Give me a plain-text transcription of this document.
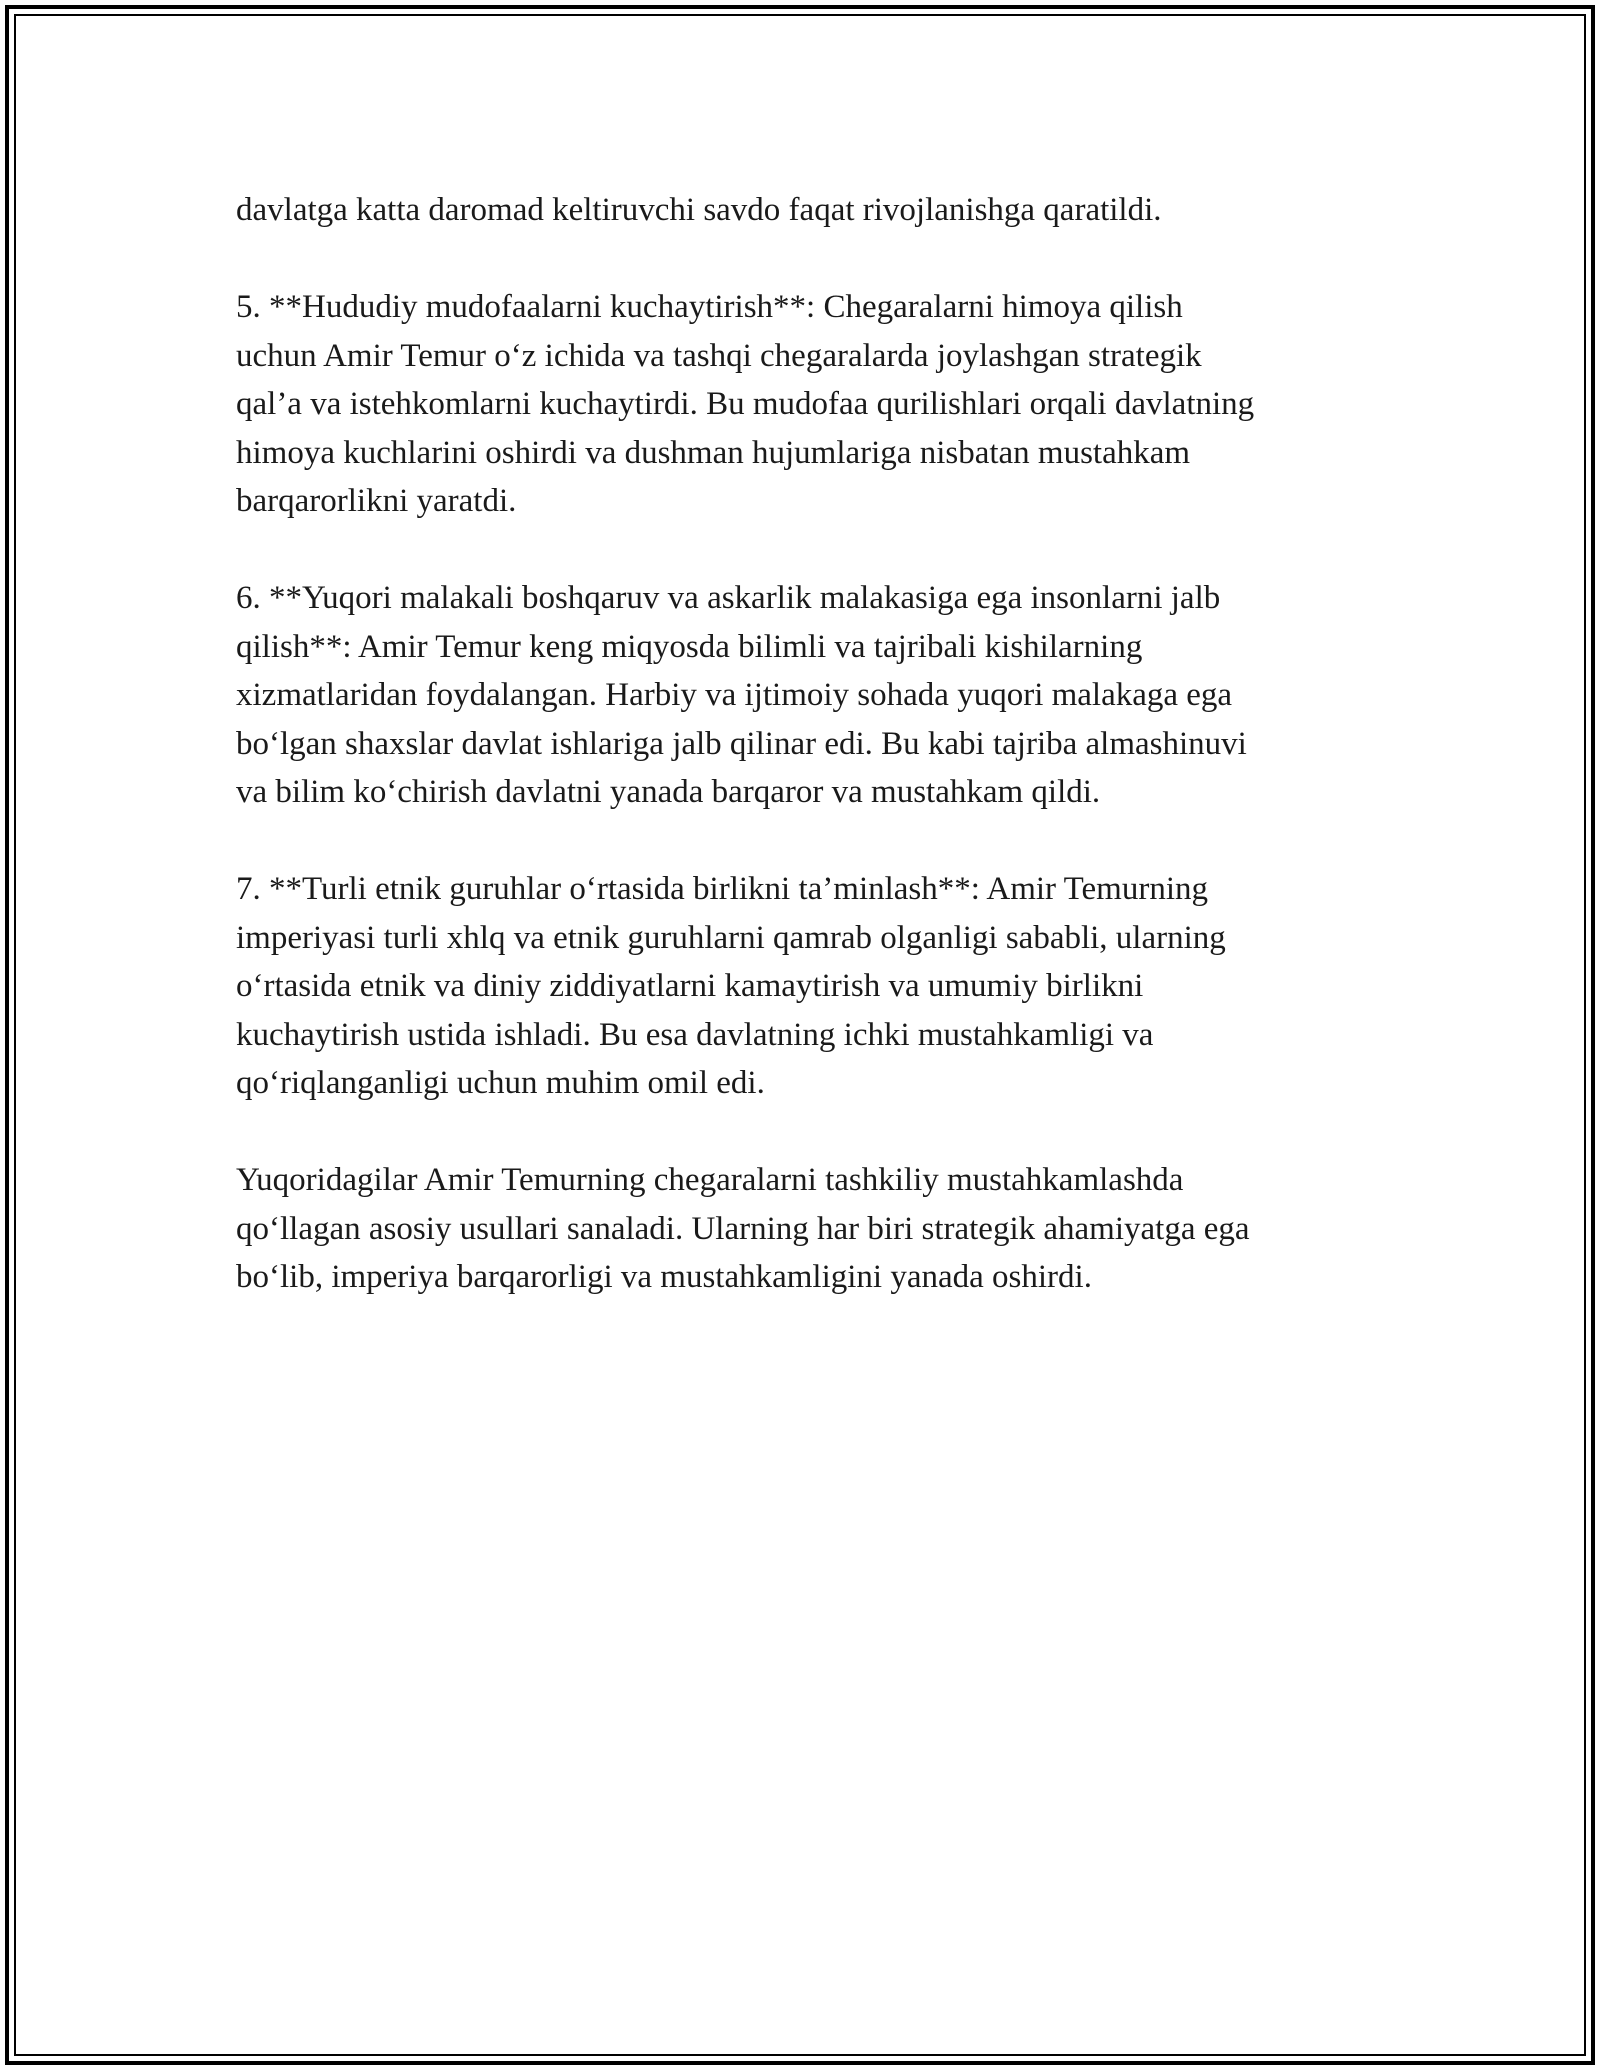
davlatga katta daromad keltiruvchi savdo faqat rivojlanishga qaratildi.

5. **Hududiy mudofaalarni kuchaytirish**: Chegaralarni himoya qilish
uchun Amir Temur o‘z ichida va tashqi chegaralarda joylashgan strategik
qal’a va istehkomlarni kuchaytirdi. Bu mudofaa qurilishlari orqali davlatning
himoya kuchlarini oshirdi va dushman hujumlariga nisbatan mustahkam
barqarorlikni yaratdi.

6. **Yuqori malakali boshqaruv va askarlik malakasiga ega insonlarni jalb
qilish**: Amir Temur keng miqyosda bilimli va tajribali kishilarning
xizmatlaridan foydalangan. Harbiy va ijtimoiy sohada yuqori malakaga ega
bo‘lgan shaxslar davlat ishlariga jalb qilinar edi. Bu kabi tajriba almashinuvi
va bilim ko‘chirish davlatni yanada barqaror va mustahkam qildi.

7. **Turli etnik guruhlar o‘rtasida birlikni ta’minlash**: Amir Temurning
imperiyasi turli xhlq va etnik guruhlarni qamrab olganligi sababli, ularning
o‘rtasida etnik va diniy ziddiyatlarni kamaytirish va umumiy birlikni
kuchaytirish ustida ishladi. Bu esa davlatning ichki mustahkamligi va
qo‘riqlanganligi uchun muhim omil edi.

Yuqoridagilar Amir Temurning chegaralarni tashkiliy mustahkamlashda
qo‘llagan asosiy usullari sanaladi. Ularning har biri strategik ahamiyatga ega
bo‘lib, imperiya barqarorligi va mustahkamligini yanada oshirdi.
